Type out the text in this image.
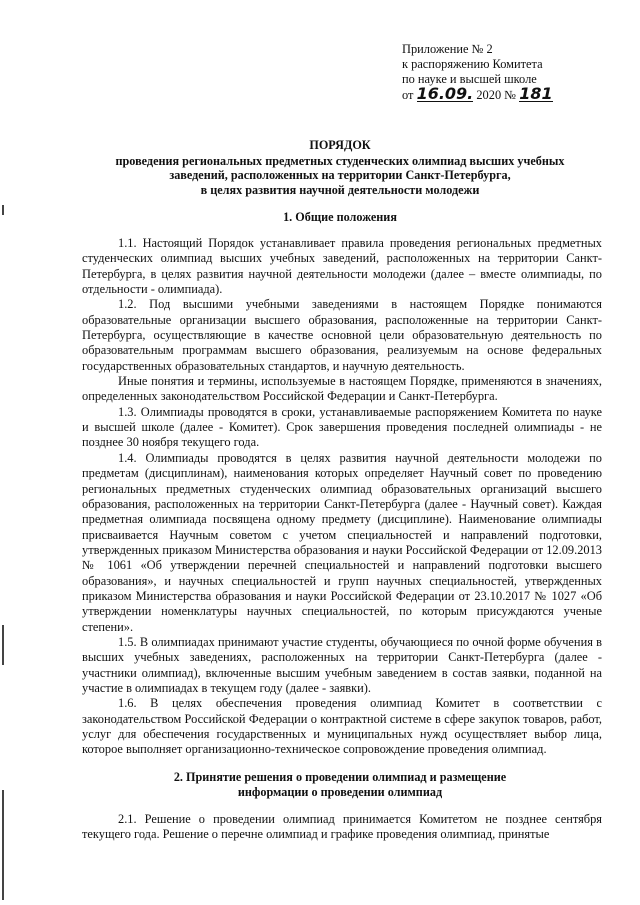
Приложение № 2
к распоряжению Комитета
по науке и высшей школе
от 16.09. 2020 № 181
ПОРЯДОК
проведения региональных предметных студенческих олимпиад высших учебных
заведений, расположенных на территории Санкт-Петербурга,
в целях развития научной деятельности молодежи
1. Общие положения

1.1. Настоящий Порядок устанавливает правила проведения региональных предметных студенческих олимпиад высших учебных заведений, расположенных на территории Санкт-Петербурга, в целях развития научной деятельности молодежи (далее – вместе олимпиады, по отдельности - олимпиада).

1.2. Под высшими учебными заведениями в настоящем Порядке понимаются образовательные организации высшего образования, расположенные на территории Санкт-Петербурга, осуществляющие в качестве основной цели образовательную деятельность по образовательным программам высшего образования, реализуемым на основе федеральных государственных образовательных стандартов, и научную деятельность.

Иные понятия и термины, используемые в настоящем Порядке, применяются в значениях, определенных законодательством Российской Федерации и Санкт-Петербурга.

1.3. Олимпиады проводятся в сроки, устанавливаемые распоряжением Комитета по науке и высшей школе (далее - Комитет). Срок завершения проведения последней олимпиады - не позднее 30 ноября текущего года.

1.4. Олимпиады проводятся в целях развития научной деятельности молодежи по предметам (дисциплинам), наименования которых определяет Научный совет по проведению региональных предметных студенческих олимпиад образовательных организаций высшего образования, расположенных на территории Санкт-Петербурга (далее - Научный совет). Каждая предметная олимпиада посвящена одному предмету (дисциплине). Наименование олимпиады присваивается Научным советом с учетом специальностей и направлений подготовки, утвержденных приказом Министерства образования и науки Российской Федерации от 12.09.2013 № 1061 «Об утверждении перечней специальностей и направлений подготовки высшего образования», и научных специальностей и групп научных специальностей, утвержденных приказом Министерства образования и науки Российской Федерации от 23.10.2017 № 1027 «Об утверждении номенклатуры научных специальностей, по которым присуждаются ученые степени».

1.5. В олимпиадах принимают участие студенты, обучающиеся по очной форме обучения в высших учебных заведениях, расположенных на территории Санкт-Петербурга (далее - участники олимпиад), включенные высшим учебным заведением в состав заявки, поданной на участие в олимпиадах в текущем году (далее - заявки).

1.6. В целях обеспечения проведения олимпиад Комитет в соответствии с законодательством Российской Федерации о контрактной системе в сфере закупок товаров, работ, услуг для обеспечения государственных и муниципальных нужд осуществляет выбор лица, которое выполняет организационно-техническое сопровождение проведения олимпиад.

2. Принятие решения о проведении олимпиад и размещение
информации о проведении олимпиад

2.1. Решение о проведении олимпиад принимается Комитетом не позднее сентября текущего года. Решение о перечне олимпиад и графике проведения олимпиад, принятые
